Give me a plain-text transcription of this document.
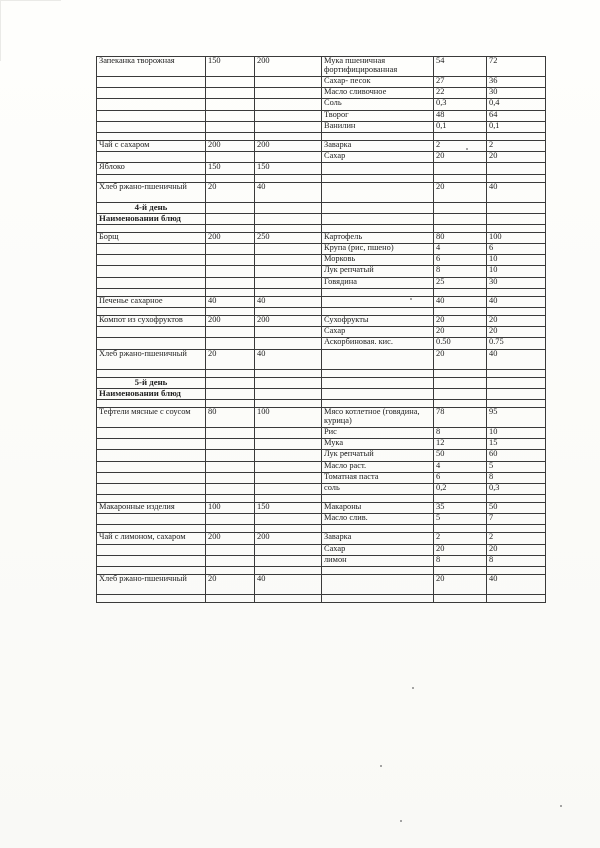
Запеканка творожная	150	200	Мука пшеничная фортифицированная	54	72
			Сахар- песок	27	36
			Масло сливочное	22	30
			Соль	0,3	0,4
			Творог	48	64
			Ванилин	0,1	0,1

Чай с сахаром	200	200	Заварка	2	2
			Сахар	20	20
Яблоко	150	150			

Хлеб ржано-пшеничный	20	40		20	40
4-й день					
Наименовании блюд					

Борщ	200	250	Картофель	80	100
			Крупа (рис, пшено)	4	6
			Морковь	6	10
			Лук репчатый	8	10
			Говядина	25	30

Печенье сахарное	40	40		40	40

Компот из сухофруктов	200	200	Сухофрукты	20	20
			Сахар	20	20
			Аскорбиновая. кис.	0.50	0.75
Хлеб ржано-пшеничный	20	40		20	40

5-й день					
Наименовании блюд					

Тефтели мясные с соусом	80	100	Мясо котлетное (говядина, курица)	78	95
			Рис	8	10
			Мука	12	15
			Лук репчатый	50	60
			Масло раст.	4	5
			Томатная паста	6	8
			соль	0,2	0,3

Макаронные изделия	100	150	Макароны	35	50
			Масло слив.	5	7

Чай с лимоном, сахаром	200	200	Заварка	2	2
			Сахар	20	20
			лимон	8	8

Хлеб ржано-пшеничный	20	40		20	40
